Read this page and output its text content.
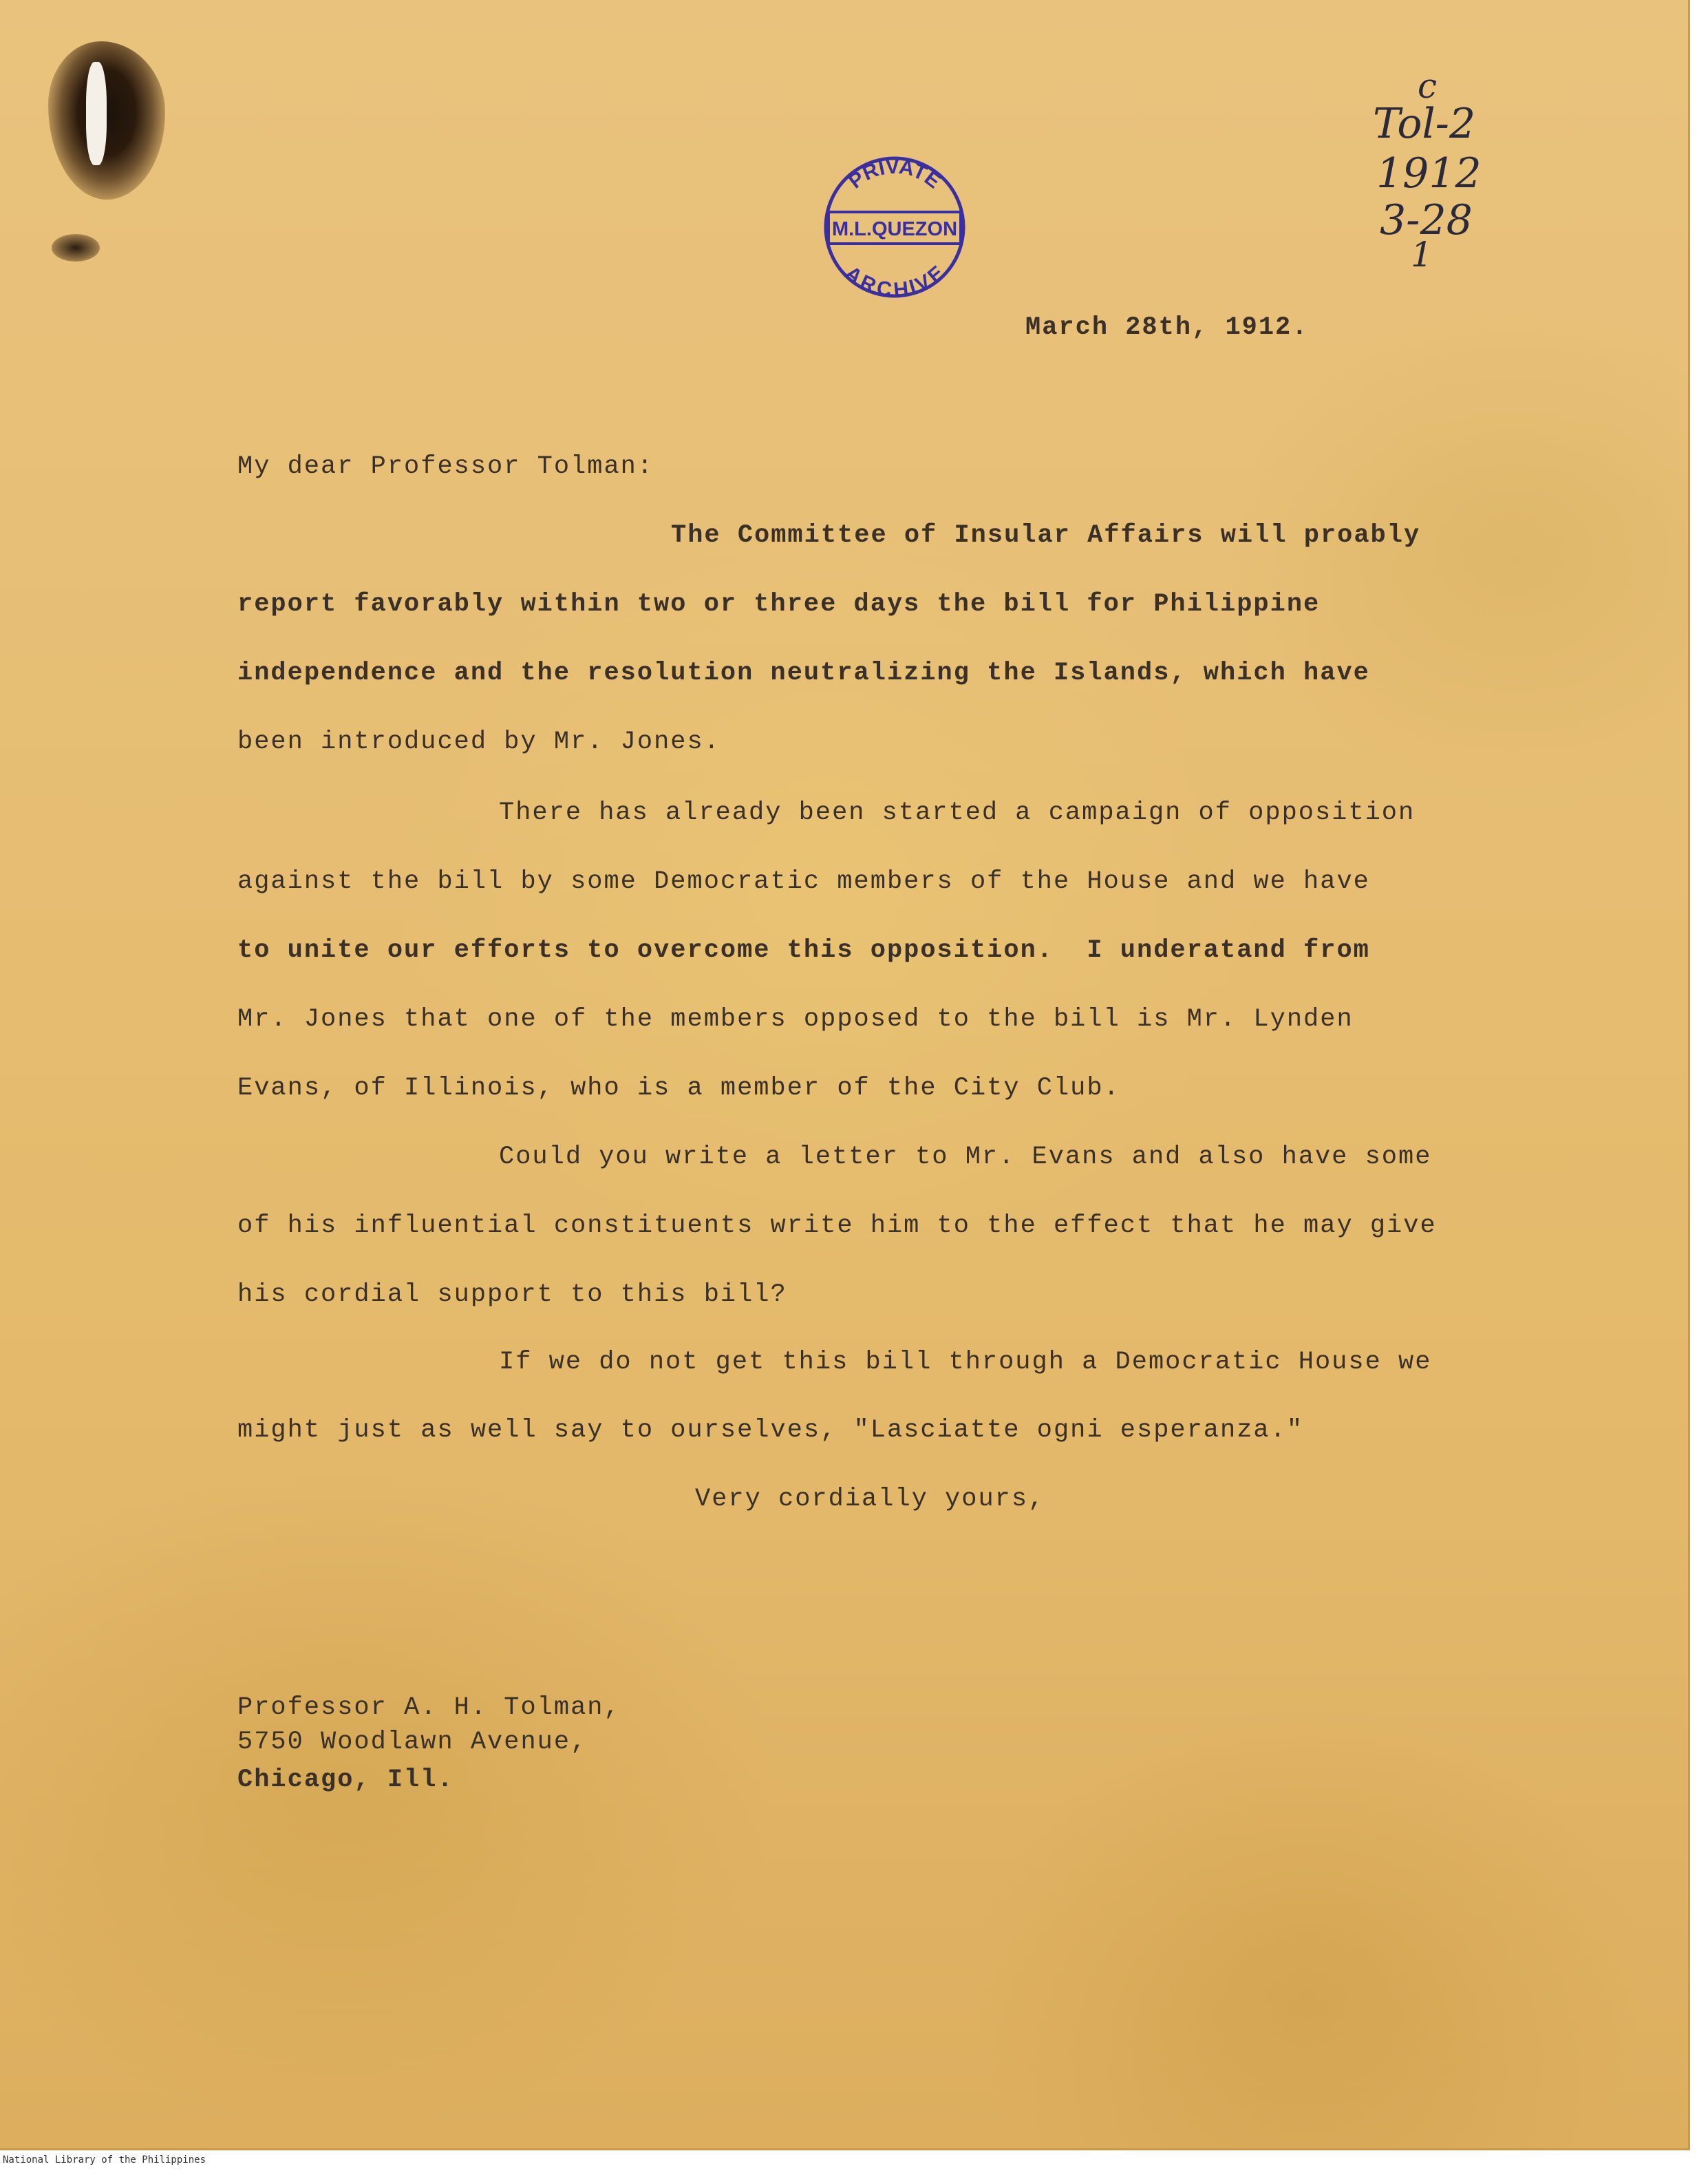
PRIVATE
M.L.QUEZON
ARCHIVE
c
Tol-2
1912
3-28
1
March 28th, 1912.
My dear Professor Tolman:
The Committee of Insular Affairs will proably
report favorably within two or three days the bill for Philippine
independence and the resolution neutralizing the Islands, which have
been introduced by Mr. Jones.
There has already been started a campaign of opposition
against the bill by some Democratic members of the House and we have
to unite our efforts to overcome this opposition.  I underatand from
Mr. Jones that one of the members opposed to the bill is Mr. Lynden
Evans, of Illinois, who is a member of the City Club.
Could you write a letter to Mr. Evans and also have some
of his influential constituents write him to the effect that he may give
his cordial support to this bill?
If we do not get this bill through a Democratic House we
might just as well say to ourselves, "Lasciatte ogni esperanza."
Very cordially yours,
Professor A. H. Tolman,
5750 Woodlawn Avenue,
Chicago, Ill.
National Library of the Philippines
